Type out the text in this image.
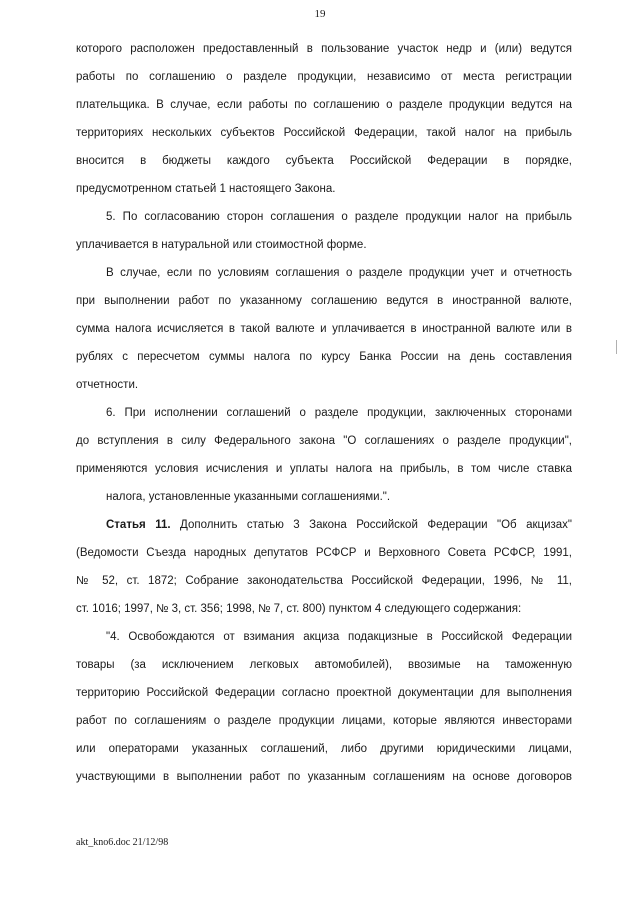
19
которого расположен предоставленный в пользование участок недр и (или) ведутся
работы по соглашению о разделе продукции, независимо от места регистрации
плательщика. В случае, если работы по соглашению о разделе продукции ведутся на
территориях нескольких субъектов Российской Федерации, такой налог на прибыль
вносится в бюджеты каждого субъекта Российской Федерации в порядке,
предусмотренном статьей 1 настоящего Закона.
5. По согласованию сторон соглашения о разделе продукции налог на прибыль
уплачивается в натуральной или стоимостной форме.
В случае, если по условиям соглашения о разделе продукции учет и отчетность
при выполнении работ по указанному соглашению ведутся в иностранной валюте,
сумма налога исчисляется в такой валюте и уплачивается в иностранной валюте или в
рублях с пересчетом суммы налога по курсу Банка России на день составления
отчетности.
6. При исполнении соглашений о разделе продукции, заключенных сторонами
до вступления в силу Федерального закона "О соглашениях о разделе продукции",
применяются условия исчисления и уплаты налога на прибыль, в том числе ставка
налога, установленные указанными соглашениями.".
Статья 11. Дополнить статью 3 Закона Российской Федерации "Об акцизах"
(Ведомости Съезда народных депутатов РСФСР и Верховного Совета РСФСР, 1991,
№ 52, ст. 1872; Собрание законодательства Российской Федерации, 1996, № 11,
ст. 1016; 1997, № 3, ст. 356; 1998, № 7, ст. 800) пунктом 4 следующего содержания:
"4. Освобождаются от взимания акциза подакцизные в Российской Федерации
товары (за исключением легковых автомобилей), ввозимые на таможенную
территорию Российской Федерации согласно проектной документации для выполнения
работ по соглашениям о разделе продукции лицами, которые являются инвесторами
или операторами указанных соглашений, либо другими юридическими лицами,
участвующими в выполнении работ по указанным соглашениям на основе договоров
akt_kno6.doc 21/12/98
